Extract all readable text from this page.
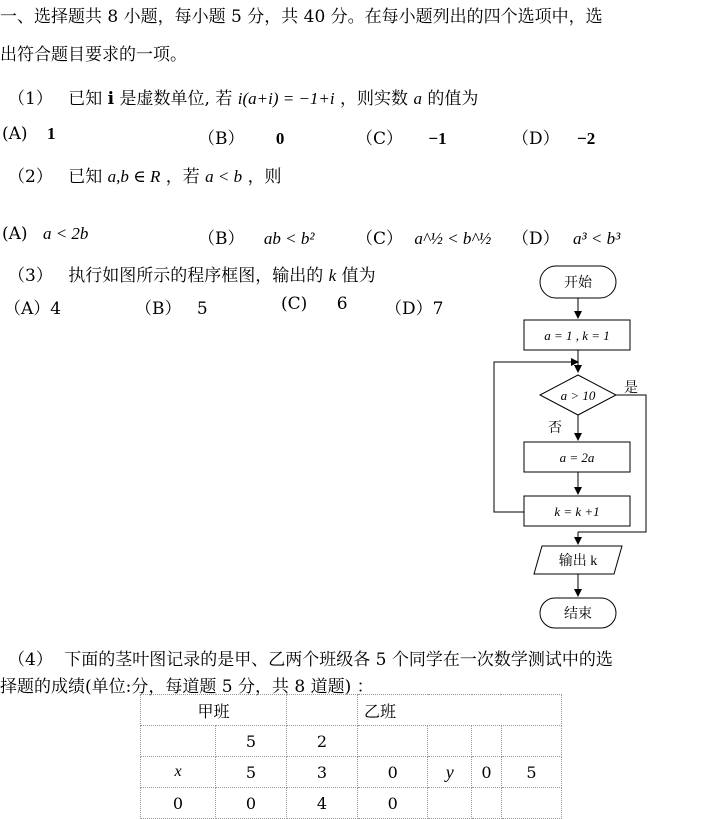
一、选择题共 8 小题，每小题 5 分，共 40 分。在每小题列出的四个选项中，选
出符合题目要求的一项。
（1） 已知 i 是虚数单位, 若 i(a+i) = −1+i ，则实数 a 的值为
(A) 1	（B） 0	（C） −1	（D） −2
（2） 已知 a,b ∈ R ，若 a < b ，则
(A) a < 2b	（B） ab < b² （C） a^½ < b^½ （D） a³ < b³
（3） 执行如图所示的程序框图，输出的 k 值为
（A）4	（B） 5	(C) 6 （D）7
开始
a = 1 , k = 1
a > 10 是
否
a = 2a
k = k +1
输出 k
结束
（4） 下面的茎叶图记录的是甲、乙两个班级各 5 个同学在一次数学测试中的选
择题的成绩(单位:分，每道题 5 分，共 8 道题) ：
甲班			乙班			
	5	2				
x	5	3	0	y	0	5
0	0	4	0			
